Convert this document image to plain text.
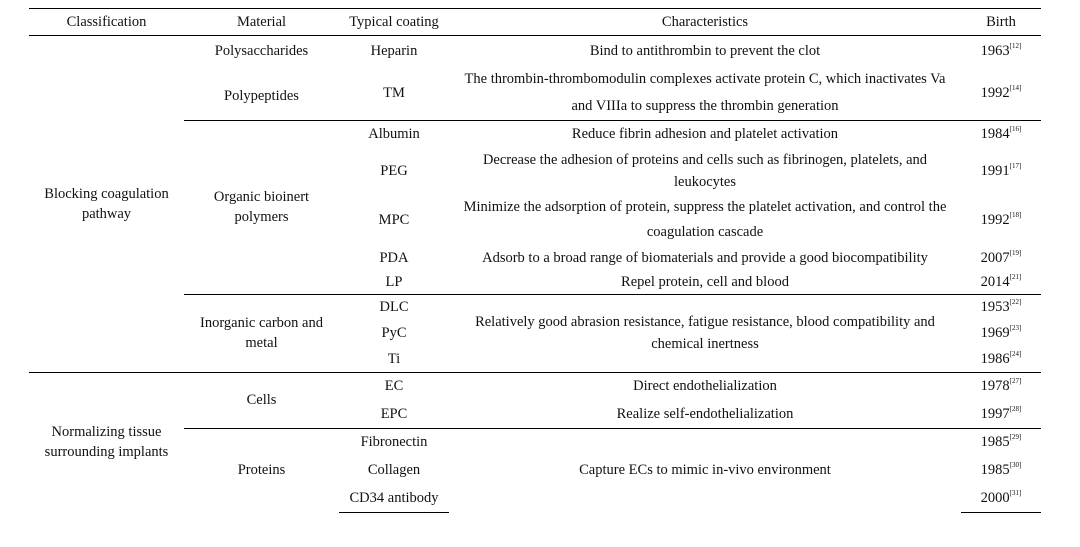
Classification	Material	Typical coating	Characteristics	Birth
Blocking coagulation pathway	Polysaccharides	Heparin	Bind to antithrombin to prevent the clot	1963[12]
	Polypeptides	TM	The thrombin-thrombomodulin complexes activate protein C, which inactivates Va and VIIIa to suppress the thrombin generation	1992[14]
	Organic bioinert polymers	Albumin	Reduce fibrin adhesion and platelet activation	1984[16]
		PEG	Decrease the adhesion of proteins and cells such as fibrinogen, platelets, and leukocytes	1991[17]
		MPC	Minimize the adsorption of protein, suppress the platelet activation, and control the coagulation cascade	1992[18]
		PDA	Adsorb to a broad range of biomaterials and provide a good biocompatibility	2007[19]
		LP	Repel protein, cell and blood	2014[21]
	Inorganic carbon and metal	DLC	Relatively good abrasion resistance, fatigue resistance, blood compatibility and chemical inertness	1953[22]
		PyC		1969[23]
		Ti		1986[24]
Normalizing tissue surrounding implants	Cells	EC	Direct endothelialization	1978[27]
		EPC	Realize self-endothelialization	1997[28]
	Proteins	Fibronectin	Capture ECs to mimic in-vivo environment	1985[29]
		Collagen		1985[30]
		CD34 antibody		2000[31]
